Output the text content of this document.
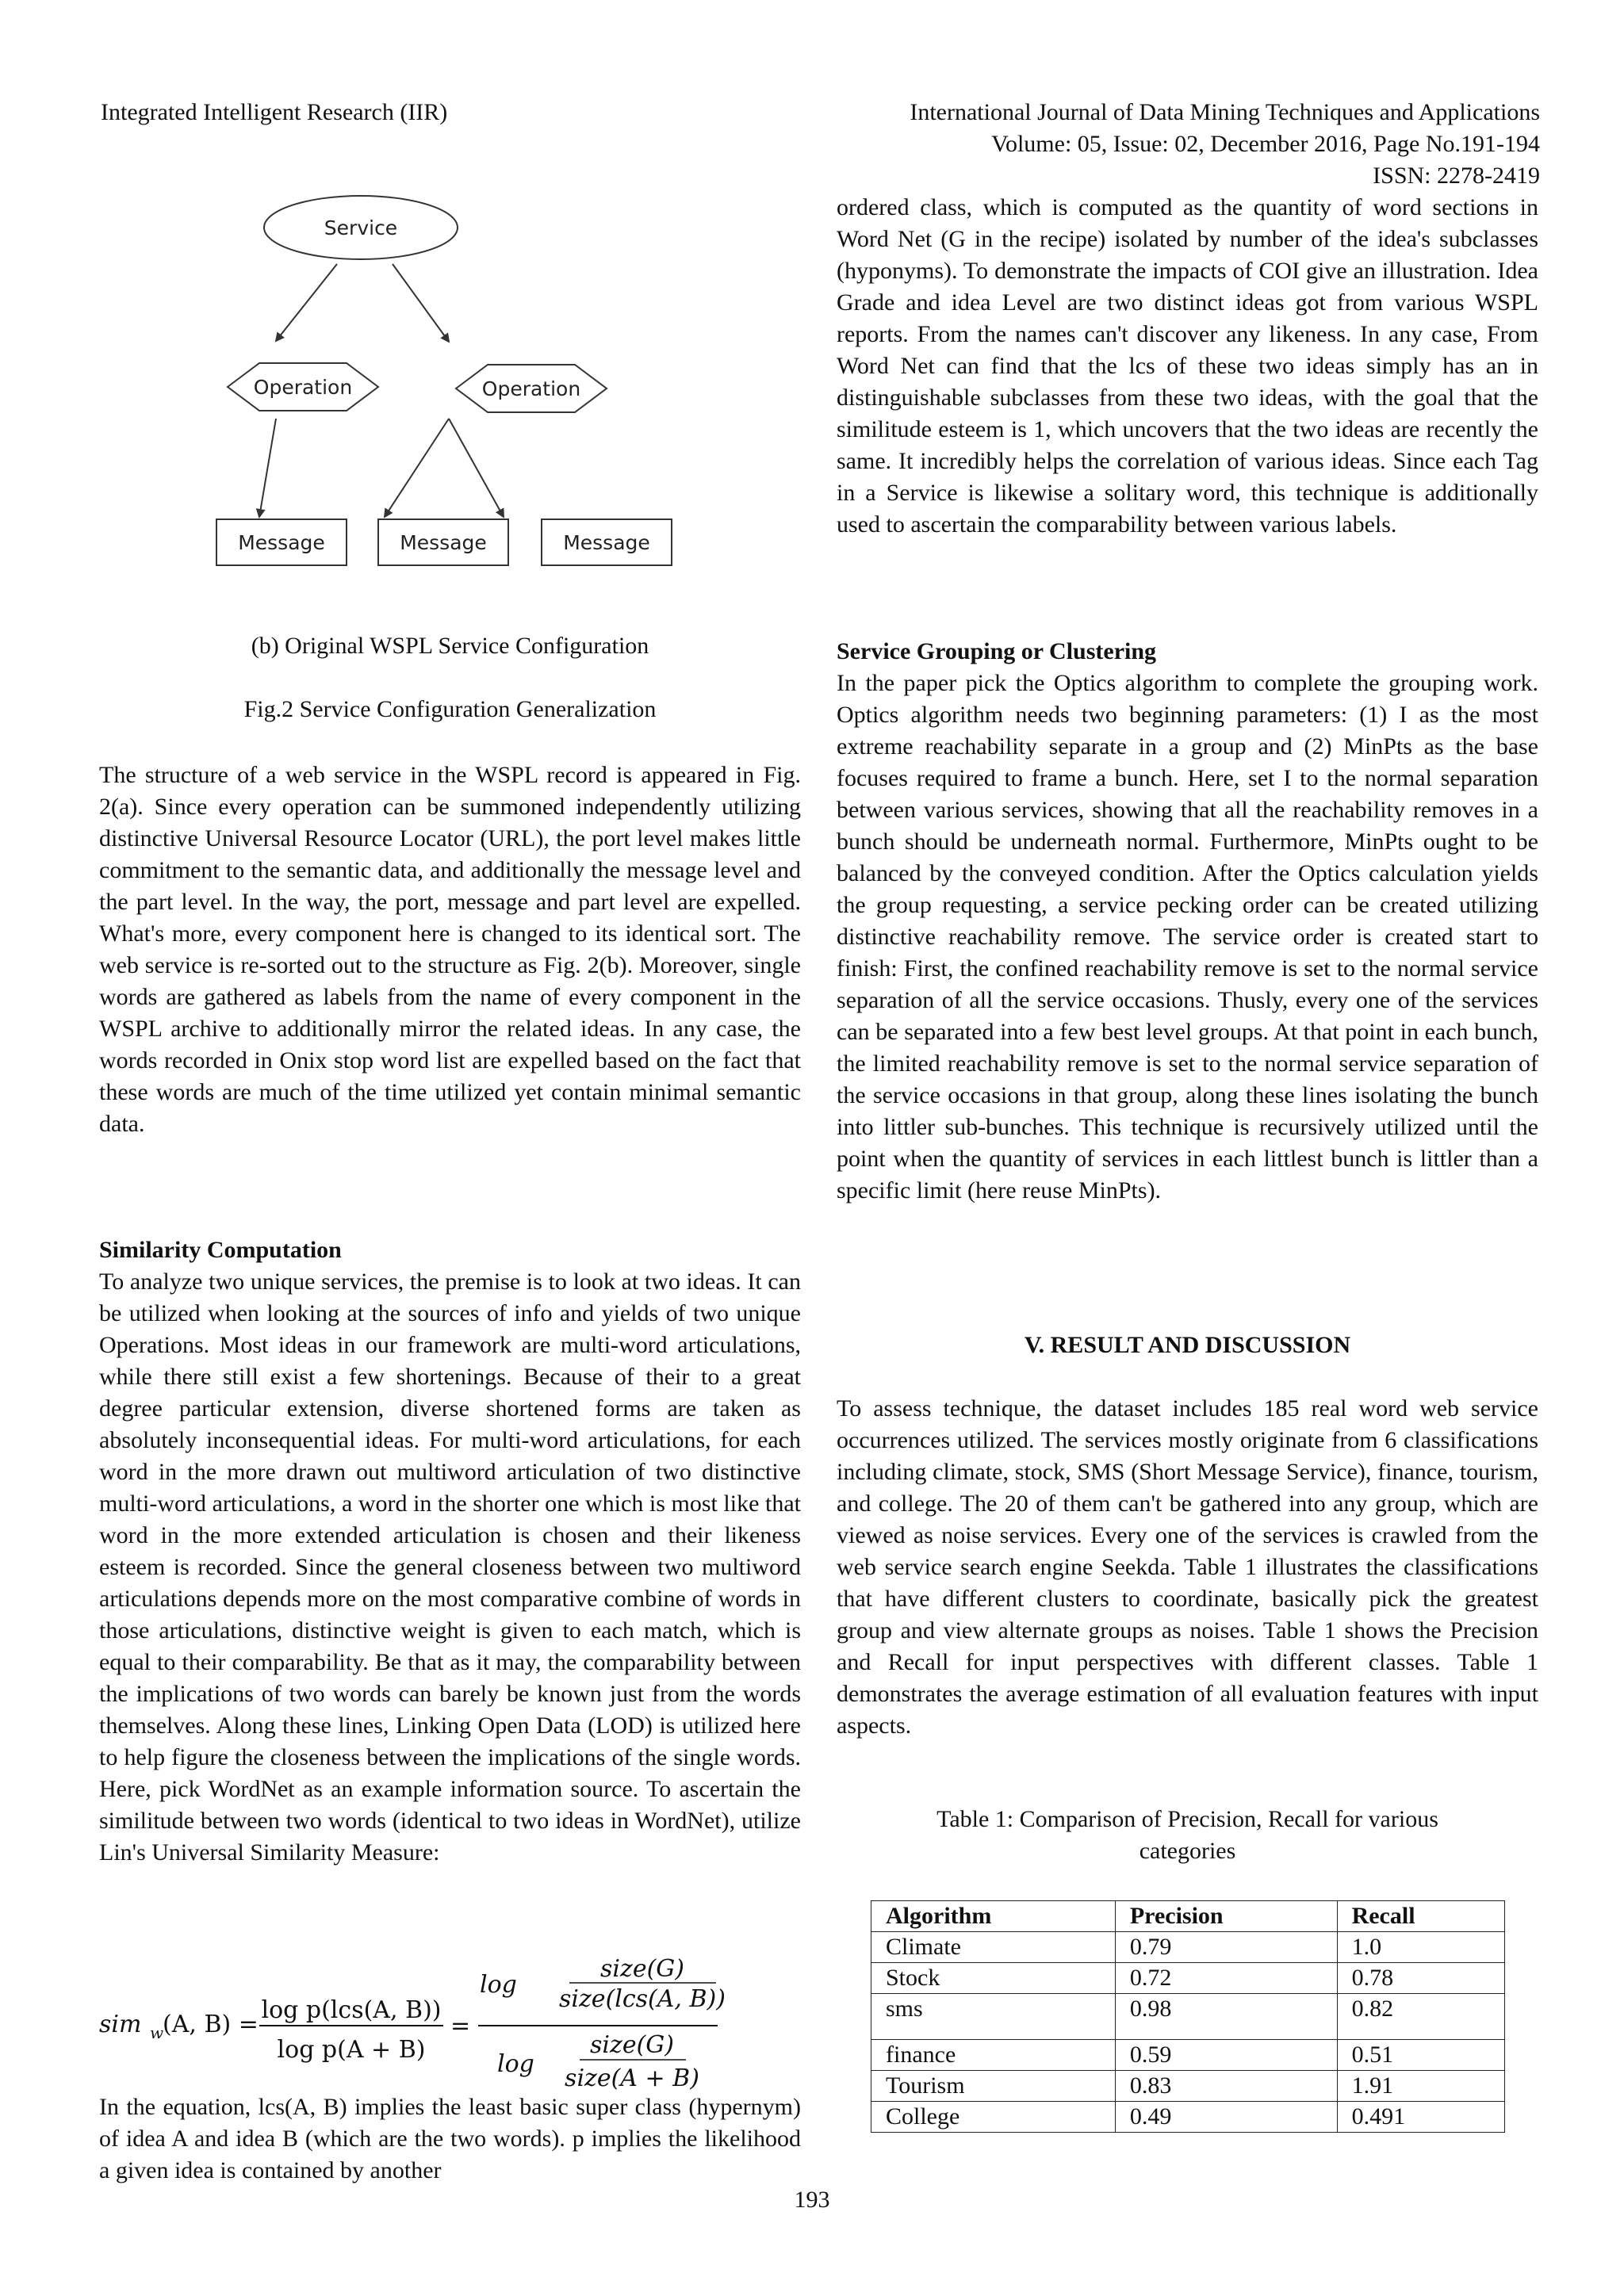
Integrated Intelligent Research (IIR)	International Journal of Data Mining Techniques and Applications
Volume: 05, Issue: 02, December 2016, Page No.191-194
ISSN: 2278-2419
Service
Operation	Operation
Message	Message	Message
(b) Original WSPL Service Configuration
Fig.2 Service Configuration Generalization
The structure of a web service in the WSPL record is appeared in Fig. 2(a). Since every operation can be summoned independently utilizing distinctive Universal Resource Locator (URL), the port level makes little commitment to the semantic data, and additionally the message level and the part level. In the way, the port, message and part level are expelled. What's more, every component here is changed to its identical sort. The web service is re-sorted out to the structure as Fig. 2(b). Moreover, single words are gathered as labels from the name of every component in the WSPL archive to additionally mirror the related ideas. In any case, the words recorded in Onix stop word list are expelled based on the fact that these words are much of the time utilized yet contain minimal semantic data.
Similarity Computation
To analyze two unique services, the premise is to look at two ideas. It can be utilized when looking at the sources of info and yields of two unique Operations. Most ideas in our framework are multi-word articulations, while there still exist a few shortenings. Because of their to a great degree particular extension, diverse shortened forms are taken as absolutely inconsequential ideas. For multi-word articulations, for each word in the more drawn out multiword articulation of two distinctive multi-word articulations, a word in the shorter one which is most like that word in the more extended articulation is chosen and their likeness esteem is recorded. Since the general closeness between two multiword articulations depends more on the most comparative combine of words in those articulations, distinctive weight is given to each match, which is equal to their comparability. Be that as it may, the comparability between the implications of two words can barely be known just from the words themselves. Along these lines, Linking Open Data (LOD) is utilized here to help figure the closeness between the implications of the single words. Here, pick WordNet as an example information source. To ascertain the similitude between two words (identical to two ideas in WordNet), utilize Lin's Universal Similarity Measure:
sim w
(A, B) =
log p(lcs(A, B))
log p(A + B)
=
log
size(G)
size(lcs(A, B))
log
size(G)
size(A + B)
In the equation, lcs(A, B) implies the least basic super class (hypernym) of idea A and idea B (which are the two words). p implies the likelihood a given idea is contained by another
ordered class, which is computed as the quantity of word sections in Word Net (G in the recipe) isolated by number of the idea's subclasses (hyponyms). To demonstrate the impacts of COI give an illustration. Idea Grade and idea Level are two distinct ideas got from various WSPL reports. From the names can't discover any likeness. In any case, From Word Net can find that the lcs of these two ideas simply has an in distinguishable subclasses from these two ideas, with the goal that the similitude esteem is 1, which uncovers that the two ideas are recently the same. It incredibly helps the correlation of various ideas. Since each Tag in a Service is likewise a solitary word, this technique is additionally used to ascertain the comparability between various labels.
Service Grouping or Clustering
In the paper pick the Optics algorithm to complete the grouping work. Optics algorithm needs two beginning parameters: (1) I as the most extreme reachability separate in a group and (2) MinPts as the base focuses required to frame a bunch. Here, set I to the normal separation between various services, showing that all the reachability removes in a bunch should be underneath normal. Furthermore, MinPts ought to be balanced by the conveyed condition. After the Optics calculation yields the group requesting, a service pecking order can be created utilizing distinctive reachability remove. The service order is created start to finish: First, the confined reachability remove is set to the normal service separation of all the service occasions. Thusly, every one of the services can be separated into a few best level groups. At that point in each bunch, the limited reachability remove is set to the normal service separation of the service occasions in that group, along these lines isolating the bunch into littler sub-bunches. This technique is recursively utilized until the point when the quantity of services in each littlest bunch is littler than a specific limit (here reuse MinPts).
V. RESULT AND DISCUSSION
To assess technique, the dataset includes 185 real word web service occurrences utilized. The services mostly originate from 6 classifications including climate, stock, SMS (Short Message Service), finance, tourism, and college. The 20 of them can't be gathered into any group, which are viewed as noise services. Every one of the services is crawled from the web service search engine Seekda. Table 1 illustrates the classifications that have different clusters to coordinate, basically pick the greatest group and view alternate groups as noises. Table 1 shows the Precision and Recall for input perspectives with different classes. Table 1 demonstrates the average estimation of all evaluation features with input aspects.
Table 1: Comparison of Precision, Recall for various
categories
Algorithm	Precision	Recall
Climate	0.79	1.0
Stock	0.72	0.78
sms	0.98	0.82
finance	0.59	0.51
Tourism	0.83	1.91
College	0.49	0.491
193
